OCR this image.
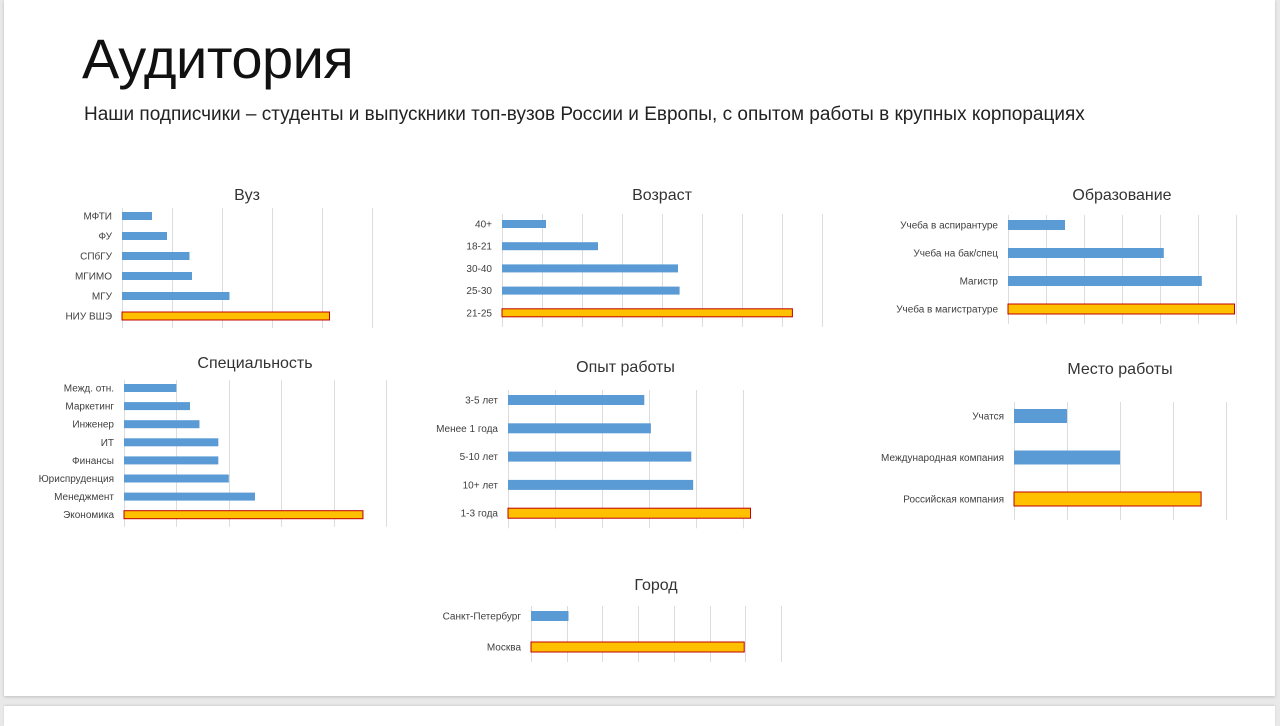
Аудитория
Наши подписчики – студенты и выпускники топ-вузов России и Европы, с опытом работы в крупных корпорациях
Вуз
МФТИ
ФУ
СПбГУ
МГИМО
МГУ
НИУ ВШЭ
Возраст
40+
18-21
30-40
25-30
21-25
Образование
Учеба в аспирантуре
Учеба на бак/спец
Магистр
Учеба в магистратуре
Специальность
Межд. отн.
Маркетинг
Инженер
ИТ
Финансы
Юриспруденция
Менеджмент
Экономика
Опыт работы
3-5 лет
Менее 1 года
5-10 лет
10+ лет
1-3 года
Место работы
Учатся
Международная компания
Российская компания
Город
Санкт-Петербург
Москва
